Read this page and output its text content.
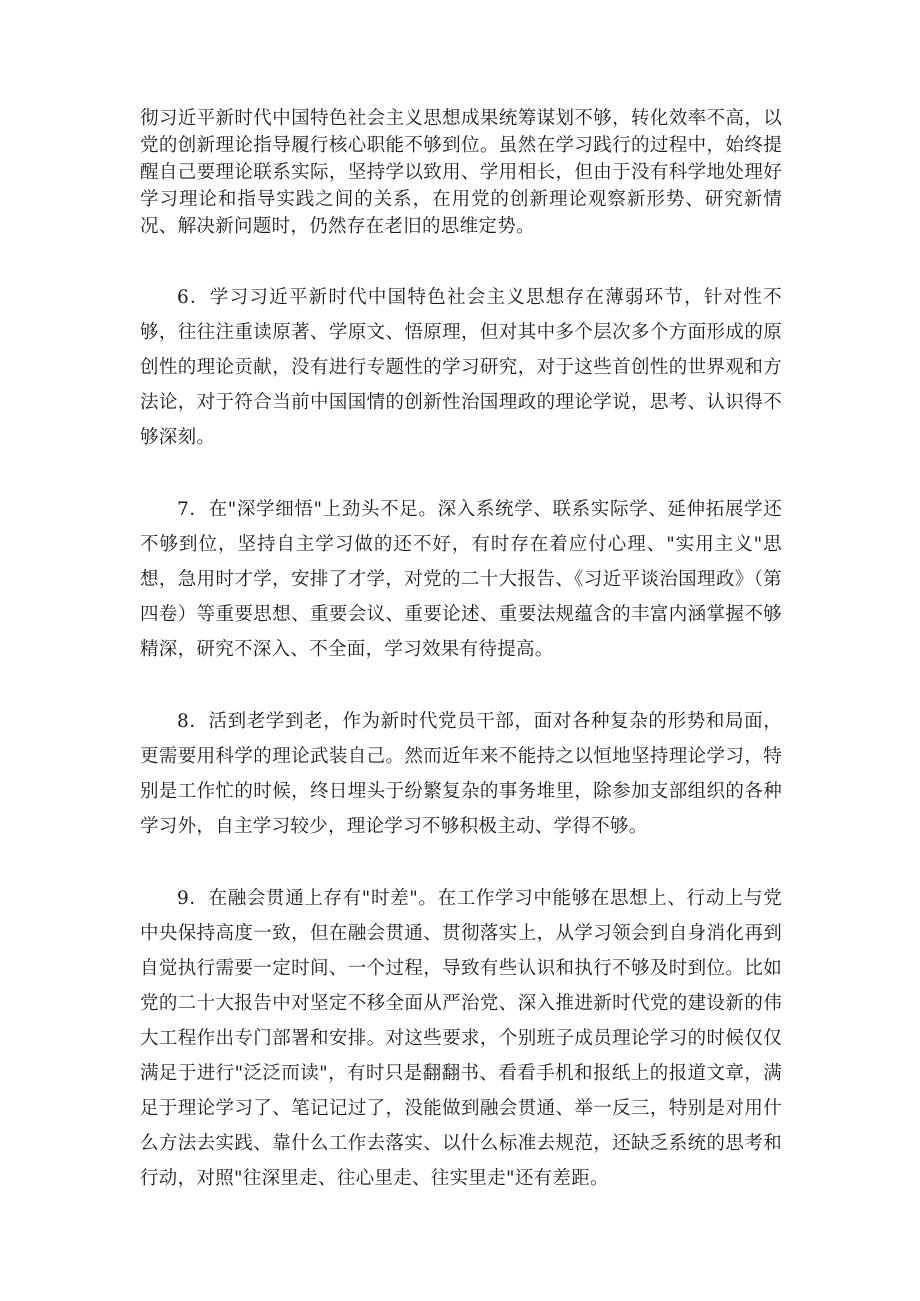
彻习近平新时代中国特色社会主义思想成果统筹谋划不够，转化效率不高，以党的创新理论指导履行核心职能不够到位。虽然在学习践行的过程中，始终提醒自己要理论联系实际，坚持学以致用、学用相长，但由于没有科学地处理好学习理论和指导实践之间的关系，在用党的创新理论观察新形势、研究新情况、解决新问题时，仍然存在老旧的思维定势。

6．学习习近平新时代中国特色社会主义思想存在薄弱环节，针对性不够，往往注重读原著、学原文、悟原理，但对其中多个层次多个方面形成的原创性的理论贡献，没有进行专题性的学习研究，对于这些首创性的世界观和方法论，对于符合当前中国国情的创新性治国理政的理论学说，思考、认识得不够深刻。

7．在"深学细悟"上劲头不足。深入系统学、联系实际学、延伸拓展学还不够到位，坚持自主学习做的还不好，有时存在着应付心理、"实用主义"思想，急用时才学，安排了才学，对党的二十大报告、《习近平谈治国理政》（第四卷）等重要思想、重要会议、重要论述、重要法规蕴含的丰富内涵掌握不够精深，研究不深入、不全面，学习效果有待提高。

8．活到老学到老，作为新时代党员干部，面对各种复杂的形势和局面，更需要用科学的理论武装自己。然而近年来不能持之以恒地坚持理论学习，特别是工作忙的时候，终日埋头于纷繁复杂的事务堆里，除参加支部组织的各种学习外，自主学习较少，理论学习不够积极主动、学得不够。

9．在融会贯通上存有"时差"。在工作学习中能够在思想上、行动上与党中央保持高度一致，但在融会贯通、贯彻落实上，从学习领会到自身消化再到自觉执行需要一定时间、一个过程，导致有些认识和执行不够及时到位。比如党的二十大报告中对坚定不移全面从严治党、深入推进新时代党的建设新的伟大工程作出专门部署和安排。对这些要求，个别班子成员理论学习的时候仅仅满足于进行"泛泛而读"，有时只是翻翻书、看看手机和报纸上的报道文章，满足于理论学习了、笔记记过了，没能做到融会贯通、举一反三，特别是对用什么方法去实践、靠什么工作去落实、以什么标准去规范，还缺乏系统的思考和行动，对照"往深里走、往心里走、往实里走"还有差距。
